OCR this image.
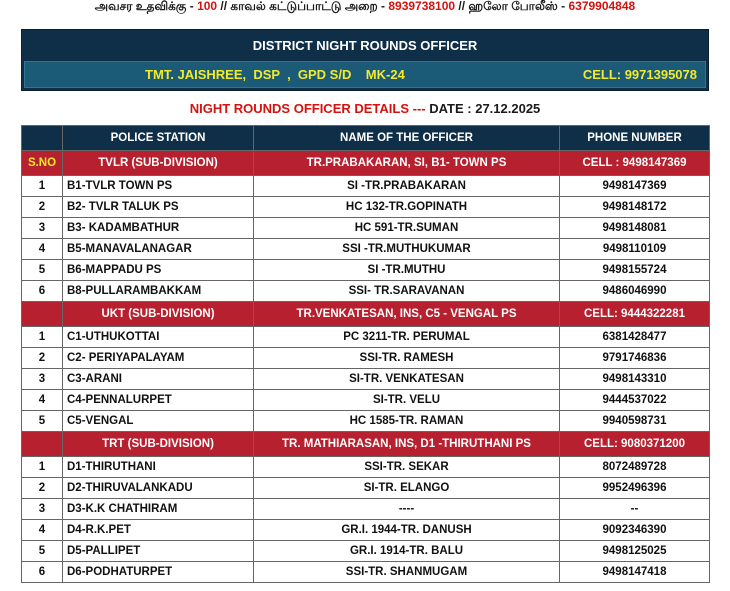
அவசர உதவிக்கு - 100 // காவல் கட்டுப்பாட்டு அறை - 8939738100 // ஹலோ போலீஸ் - 6379904848
DISTRICT NIGHT ROUNDS OFFICER
TMT. JAISHREE,  DSP  ,  GPD S/D    MK-24	CELL: 9971395078
NIGHT ROUNDS OFFICER DETAILS --- DATE : 27.12.2025
	POLICE STATION	NAME OF THE OFFICER	PHONE NUMBER
S.NO	TVLR (SUB-DIVISION)	TR.PRABAKARAN, SI, B1- TOWN PS	CELL : 9498147369
1	B1-TVLR TOWN PS	SI -TR.PRABAKARAN	9498147369
2	B2- TVLR TALUK PS	HC 132-TR.GOPINATH	9498148172
3	B3- KADAMBATHUR	HC 591-TR.SUMAN	9498148081
4	B5-MANAVALANAGAR	SSI -TR.MUTHUKUMAR	9498110109
5	B6-MAPPADU PS	SI -TR.MUTHU	9498155724
6	B8-PULLARAMBAKKAM	SSI- TR.SARAVANAN	9486046990
	UKT (SUB-DIVISION)	TR.VENKATESAN, INS, C5 - VENGAL PS	CELL: 9444322281
1	C1-UTHUKOTTAI	PC 3211-TR. PERUMAL	6381428477
2	C2- PERIYAPALAYAM	SSI-TR. RAMESH	9791746836
3	C3-ARANI	SI-TR. VENKATESAN	9498143310
4	C4-PENNALURPET	SI-TR. VELU	9444537022
5	C5-VENGAL	HC 1585-TR. RAMAN	9940598731
	TRT (SUB-DIVISION)	TR. MATHIARASAN, INS, D1 -THIRUTHANI PS	CELL: 9080371200
1	D1-THIRUTHANI	SSI-TR. SEKAR	8072489728
2	D2-THIRUVALANKADU	SI-TR. ELANGO	9952496396
3	D3-K.K CHATHIRAM	----	--
4	D4-R.K.PET	GR.I. 1944-TR. DANUSH	9092346390
5	D5-PALLIPET	GR.I. 1914-TR. BALU	9498125025
6	D6-PODHATURPET	SSI-TR. SHANMUGAM	9498147418
